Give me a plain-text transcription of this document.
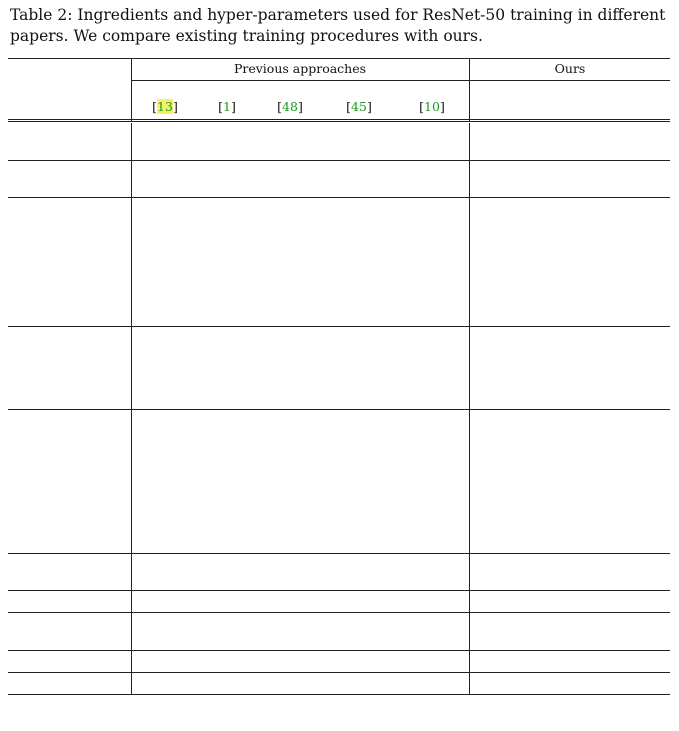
Table 2: Ingredients and hyper-parameters used for ResNet-50 training in different papers. We compare existing training procedures with ours.
Previous approaches	Ours
[13]	[1]	[48]	[45]	[10]
